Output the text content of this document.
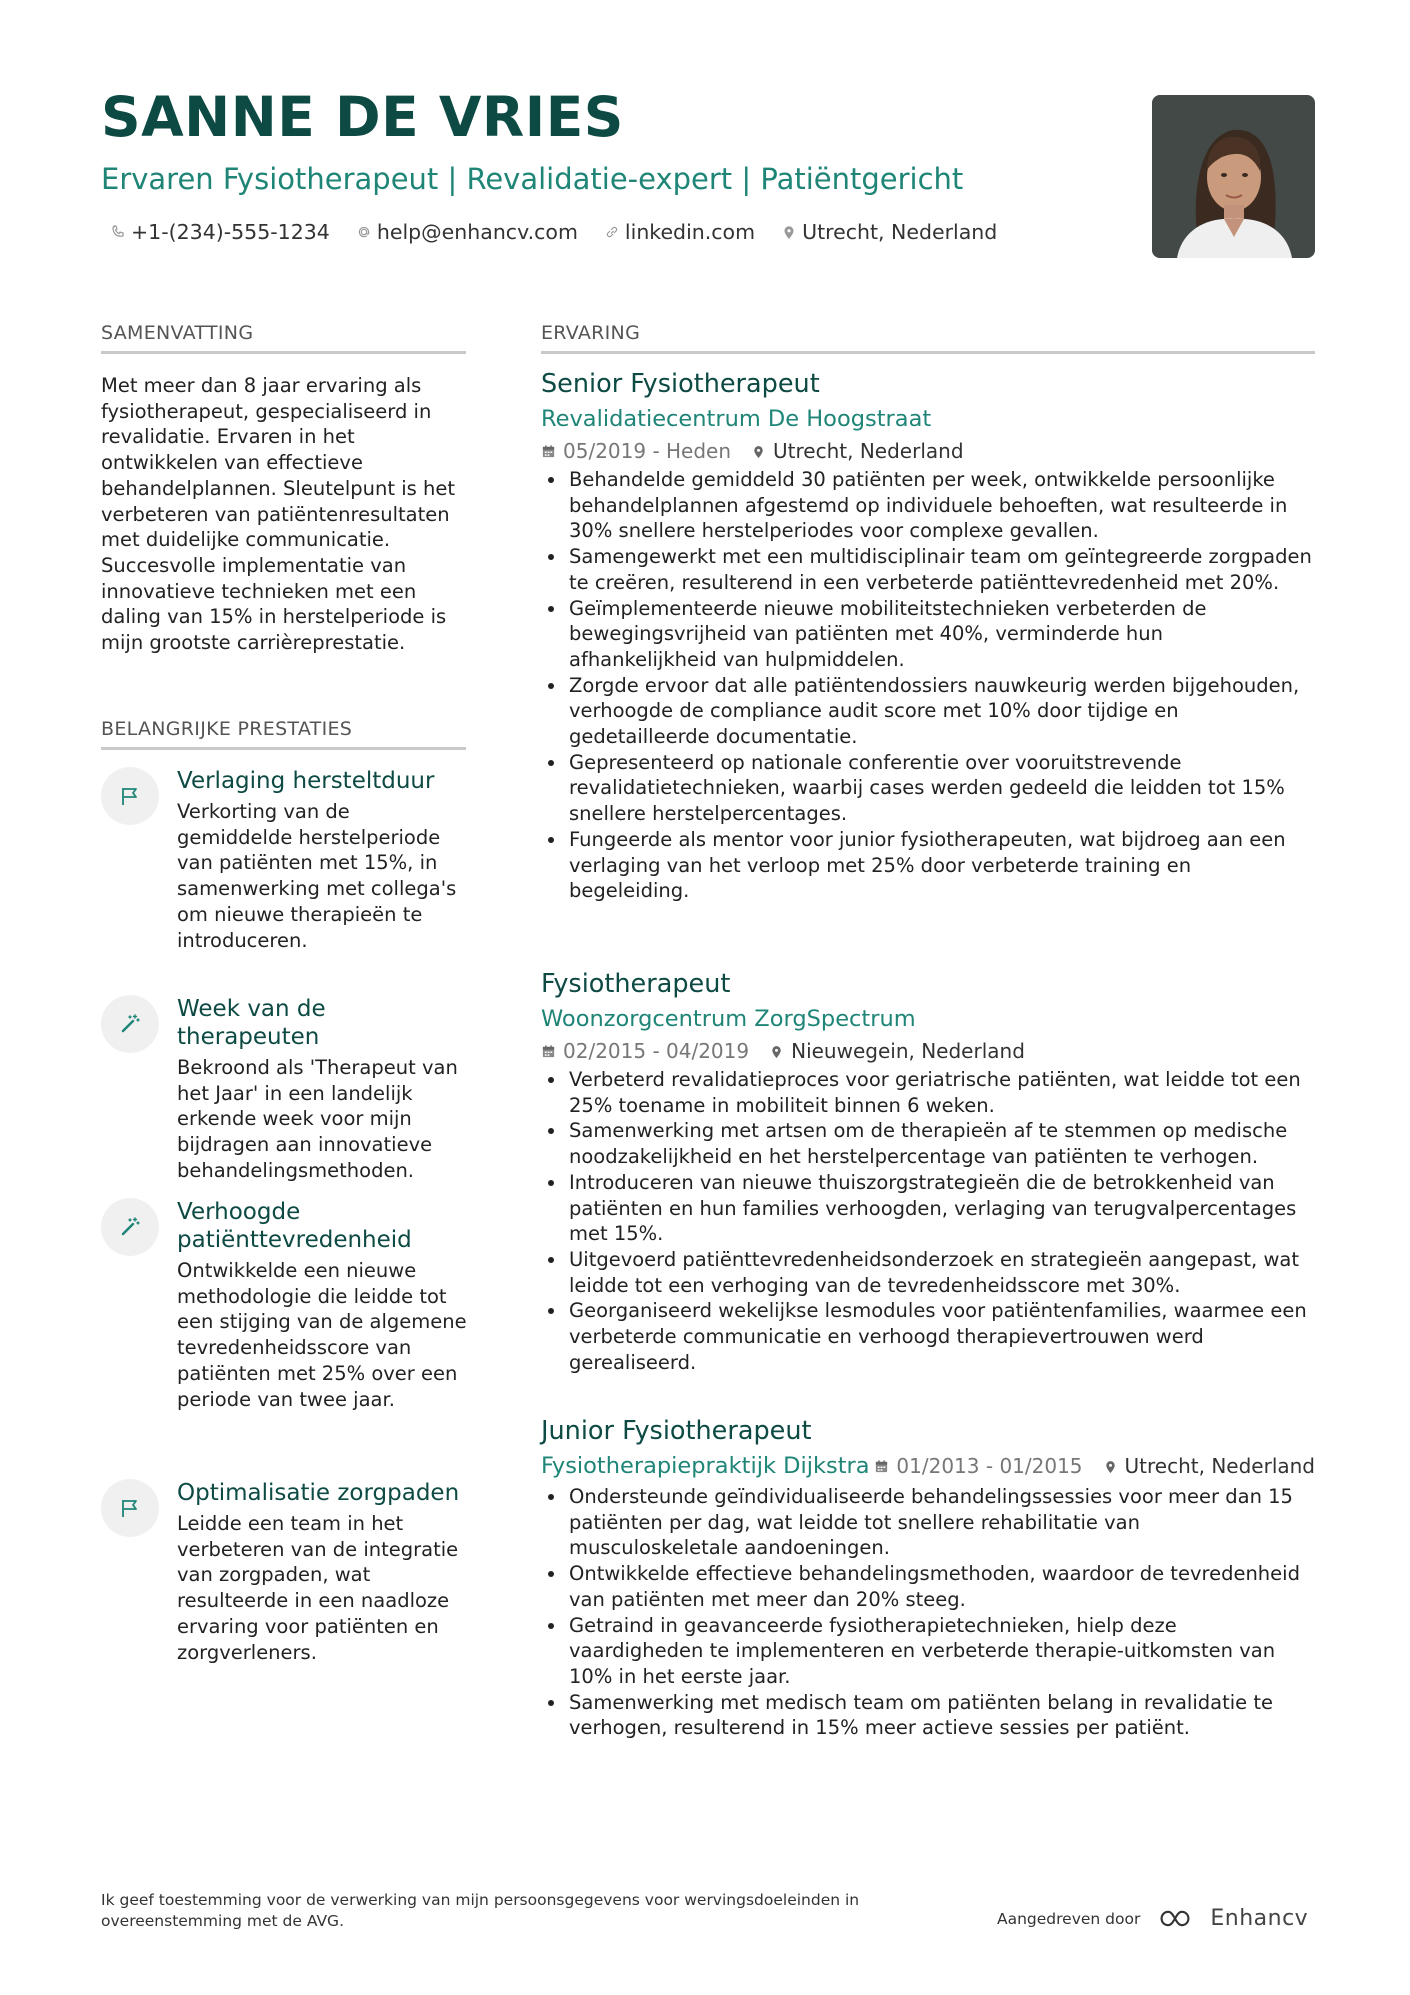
SANNE DE VRIES
Ervaren Fysiotherapeut | Revalidatie-expert | Patiëntgericht
+1-(234)-555-1234 help@enhancv.com linkedin.com Utrecht, Nederland
SAMENVATTING
Met meer dan 8 jaar ervaring als fysiotherapeut, gespecialiseerd in revalidatie. Ervaren in het ontwikkelen van effectieve behandelplannen. Sleutelpunt is het verbeteren van patiëntenresultaten met duidelijke communicatie. Succesvolle implementatie van innovatieve technieken met een daling van 15% in herstelperiode is mijn grootste carrièreprestatie.
BELANGRIJKE PRESTATIES
Verlaging hersteltduur
Verkorting van de gemiddelde herstelperiode van patiënten met 15%, in samenwerking met collega's om nieuwe therapieën te introduceren.
Week van de therapeuten
Bekroond als 'Therapeut van het Jaar' in een landelijk erkende week voor mijn bijdragen aan innovatieve behandelingsmethoden.
Verhoogde patiënttevredenheid
Ontwikkelde een nieuwe methodologie die leidde tot een stijging van de algemene tevredenheidsscore van patiënten met 25% over een periode van twee jaar.
Optimalisatie zorgpaden
Leidde een team in het verbeteren van de integratie van zorgpaden, wat resulteerde in een naadloze ervaring voor patiënten en zorgverleners.
ERVARING
Senior Fysiotherapeut
Revalidatiecentrum De Hoogstraat
05/2019 - Heden Utrecht, Nederland
Behandelde gemiddeld 30 patiënten per week, ontwikkelde persoonlijke behandelplannen afgestemd op individuele behoeften, wat resulteerde in 30% snellere herstelperiodes voor complexe gevallen.
Samengewerkt met een multidisciplinair team om geïntegreerde zorgpaden te creëren, resulterend in een verbeterde patiënttevredenheid met 20%.
Geïmplementeerde nieuwe mobiliteitstechnieken verbeterden de bewegingsvrijheid van patiënten met 40%, verminderde hun afhankelijkheid van hulpmiddelen.
Zorgde ervoor dat alle patiëntendossiers nauwkeurig werden bijgehouden, verhoogde de compliance audit score met 10% door tijdige en gedetailleerde documentatie.
Gepresenteerd op nationale conferentie over vooruitstrevende revalidatietechnieken, waarbij cases werden gedeeld die leidden tot 15% snellere herstelpercentages.
Fungeerde als mentor voor junior fysiotherapeuten, wat bijdroeg aan een verlaging van het verloop met 25% door verbeterde training en begeleiding.
Fysiotherapeut
Woonzorgcentrum ZorgSpectrum
02/2015 - 04/2019 Nieuwegein, Nederland
Verbeterd revalidatieproces voor geriatrische patiënten, wat leidde tot een 25% toename in mobiliteit binnen 6 weken.
Samenwerking met artsen om de therapieën af te stemmen op medische noodzakelijkheid en het herstelpercentage van patiënten te verhogen.
Introduceren van nieuwe thuiszorgstrategieën die de betrokkenheid van patiënten en hun families verhoogden, verlaging van terugvalpercentages met 15%.
Uitgevoerd patiënttevredenheidsonderzoek en strategieën aangepast, wat leidde tot een verhoging van de tevredenheidsscore met 30%.
Georganiseerd wekelijkse lesmodules voor patiëntenfamilies, waarmee een verbeterde communicatie en verhoogd therapievertrouwen werd gerealiseerd.
Junior Fysiotherapeut
Fysiotherapiepraktijk Dijkstra 01/2013 - 01/2015 Utrecht, Nederland
Ondersteunde geïndividualiseerde behandelingssessies voor meer dan 15 patiënten per dag, wat leidde tot snellere rehabilitatie van musculoskeletale aandoeningen.
Ontwikkelde effectieve behandelingsmethoden, waardoor de tevredenheid van patiënten met meer dan 20% steeg.
Getraind in geavanceerde fysiotherapietechnieken, hielp deze vaardigheden te implementeren en verbeterde therapie-uitkomsten van 10% in het eerste jaar.
Samenwerking met medisch team om patiënten belang in revalidatie te verhogen, resulterend in 15% meer actieve sessies per patiënt.
Ik geef toestemming voor de verwerking van mijn persoonsgegevens voor wervingsdoeleinden in overeenstemming met de AVG.	Aangedreven door	Enhancv
